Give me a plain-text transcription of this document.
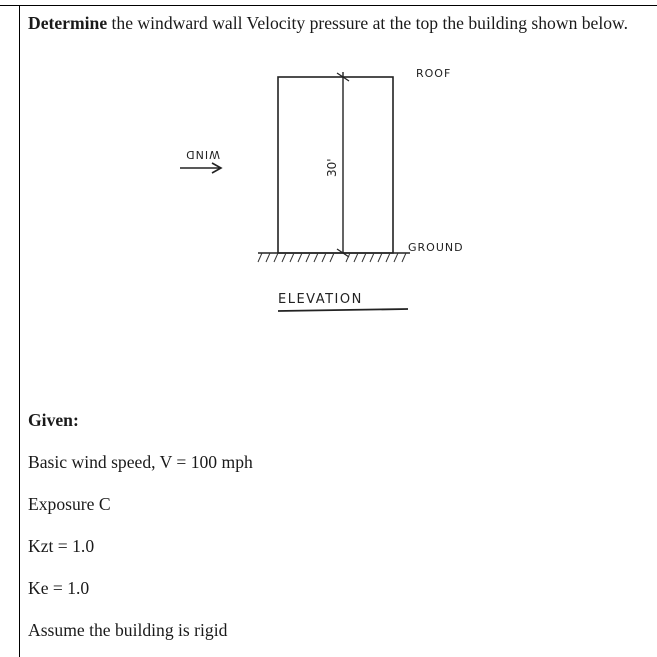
Determine the windward wall Velocity pressure at the top the building shown below.
WIND
ROOF
30'
GROUND
ELEVATION
Given:
Basic wind speed, V = 100 mph
Exposure C
Kzt = 1.0
Ke = 1.0
Assume the building is rigid
